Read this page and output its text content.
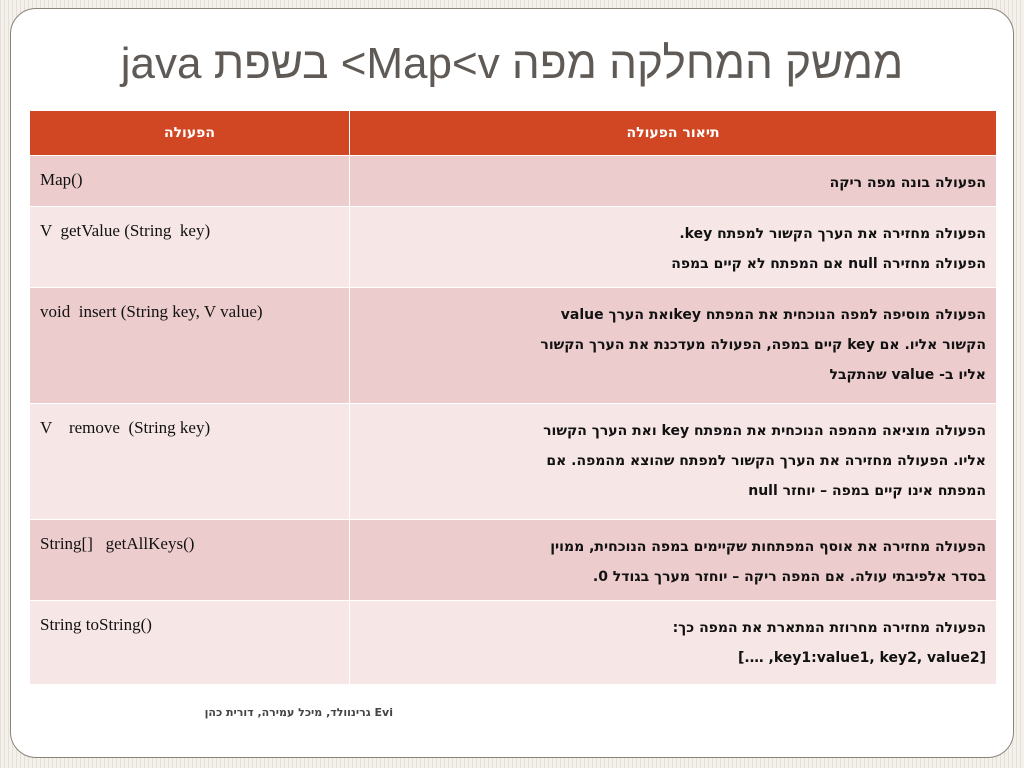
ממשק המחלקה מפה Map<v> בשפת java
הפעולה	תיאור הפעולה
Map()	הפעולה בונה מפה ריקה

V  getValue (String  key)	הפעולה מחזירה את הערך הקשור למפתח key.
הפעולה מחזירה null אם המפתח לא קיים במפה

void  insert (String key, V value)	הפעולה מוסיפה למפה הנוכחית את המפתח keyואת הערך value
הקשור אליו. אם key קיים במפה, הפעולה מעדכנת את הערך הקשור
אליו ב- value שהתקבל

V    remove  (String key)	הפעולה מוציאה מהמפה הנוכחית את המפתח key ואת הערך הקשור
אליו. הפעולה מחזירה את הערך הקשור למפתח שהוצא מהמפה. אם
המפתח אינו קיים במפה – יוחזר null

String[]   getAllKeys()	הפעולה מחזירה את אוסף המפתחות שקיימים במפה הנוכחית, ממוין
בסדר אלפיבתי עולה. אם המפה ריקה – יוחזר מערך בגודל 0.

String toString()	הפעולה מחזירה מחרוזת המתארת את המפה כך:
[key1:value1, key2, value2, ….]
Evi גרינוולד, מיכל עמירה, דורית כהן
